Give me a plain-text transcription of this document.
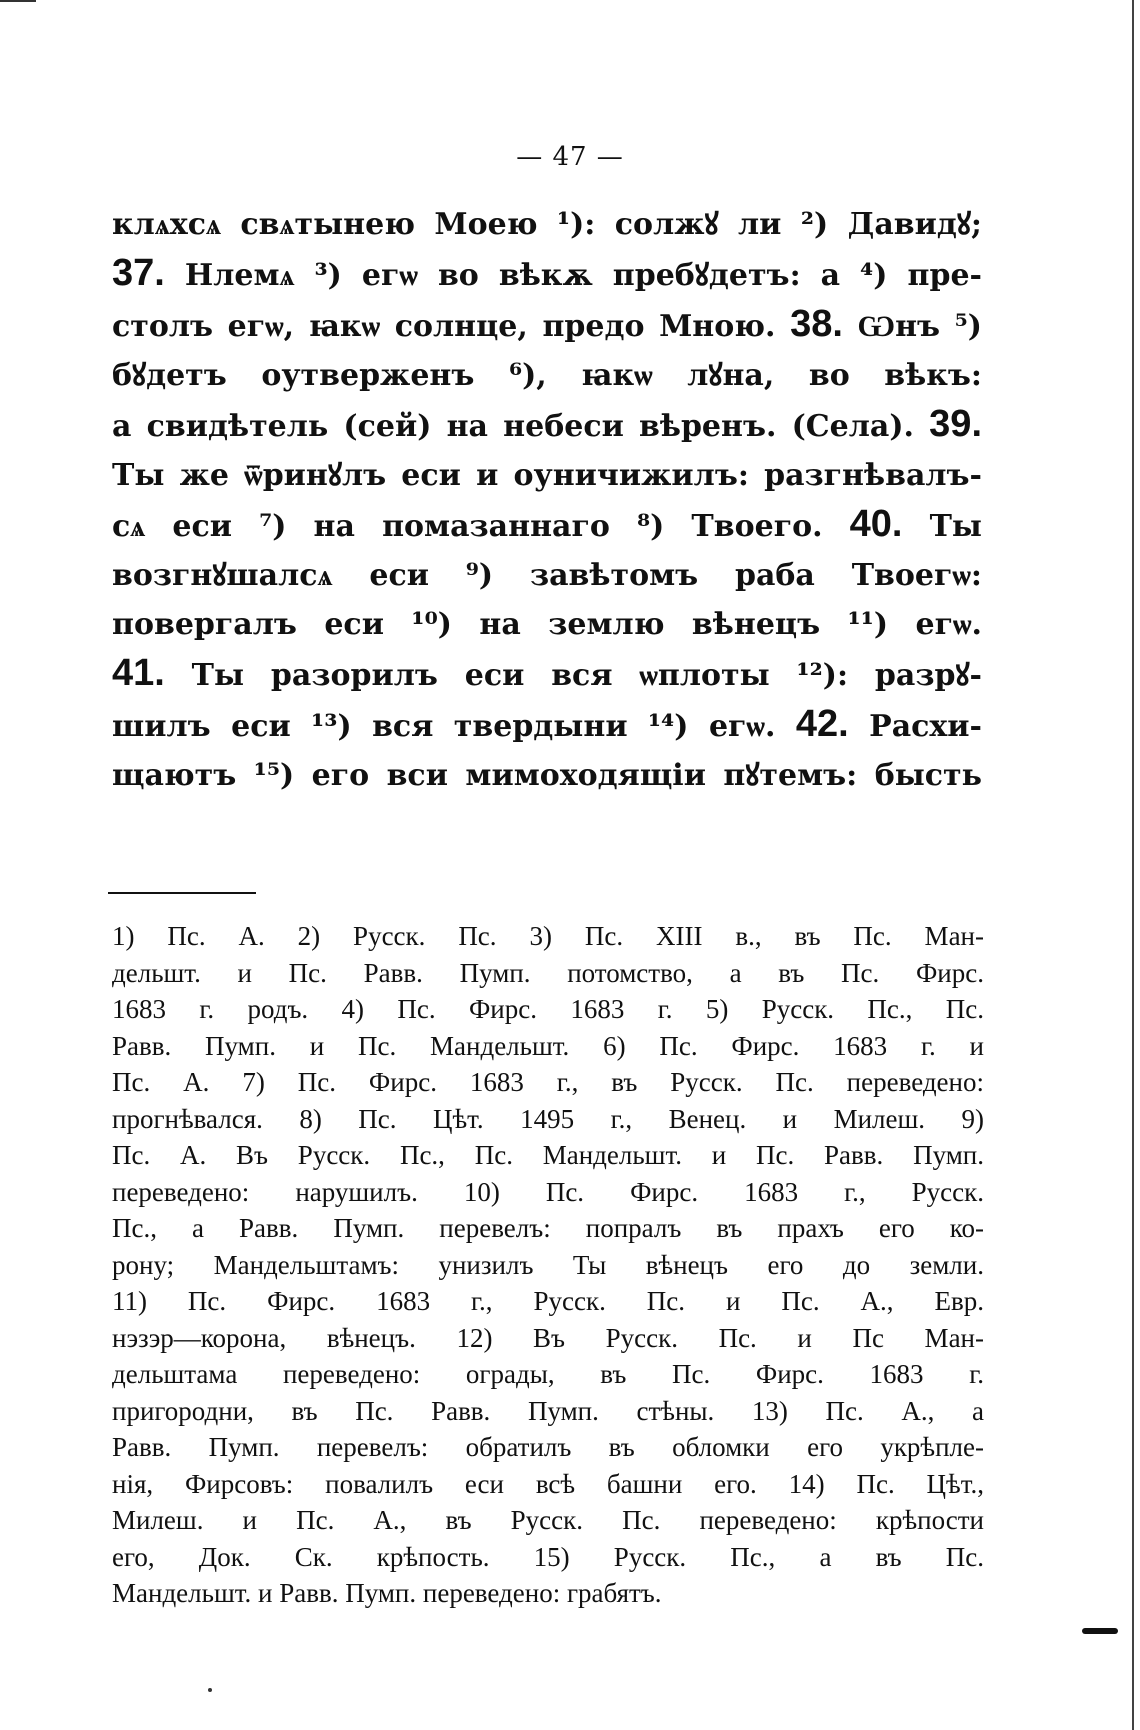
— 47 —
клѧхсѧ свѧтынею Моею ¹): солжꙋ ли ²) Давидꙋ;
37. Нлемѧ ³) егѡ во вѣкѫ пребꙋдетъ: а ⁴) пре-
столъ егѡ, ꙗкѡ солнце, предо Мною. 38. Ѡнъ ⁵)
бꙋдетъ оутверженъ ⁶), ꙗкѡ лꙋна, во вѣкъ:
а свидѣтель (сей) на небеси вѣренъ. (Села). 39.
Ты же ѿринꙋлъ еси и оуничижилъ: разгнѣвалъ-
сѧ еси ⁷) на помазаннаго ⁸) Твоего. 40. Ты
возгнꙋшалсѧ еси ⁹) завѣтомъ раба Твоегѡ:
повергалъ еси ¹⁰) на землю вѣнецъ ¹¹) егѡ.
41. Ты разорилъ еси вся ѡплоты ¹²): разрꙋ-
шилъ еси ¹³) вся твердыни ¹⁴) егѡ. 42. Расхи-
щаютъ ¹⁵) его вси мимоходящіи пꙋтемъ: бысть
1) Пс. А. 2) Русск. Пс. 3) Пс. XIII в., въ Пс. Ман-
дельшт. и Пс. Равв. Пумп. потомство, а въ Пс. Фирс.
1683 г. родъ. 4) Пс. Фирс. 1683 г. 5) Русск. Пс., Пс.
Равв. Пумп. и Пс. Мандельшт. 6) Пс. Фирс. 1683 г. и
Пс. А. 7) Пс. Фирс. 1683 г., въ Русск. Пс. переведено:
прогнѣвался. 8) Пс. Цѣт. 1495 г., Венец. и Милеш. 9)
Пс. А. Въ Русск. Пс., Пс. Мандельшт. и Пс. Равв. Пумп.
переведено: нарушилъ. 10) Пс. Фирс. 1683 г., Русск.
Пс., а Равв. Пумп. перевелъ: попралъ въ прахъ его ко-
рону; Мандельштамъ: унизилъ Ты вѣнецъ его до земли.
11) Пс. Фирс. 1683 г., Русск. Пс. и Пс. А., Евр.
нэзэр—корона, вѣнецъ. 12) Въ Русск. Пс. и Пс Ман-
дельштама переведено: ограды, въ Пс. Фирс. 1683 г.
пригородни, въ Пс. Равв. Пумп. стѣны. 13) Пс. А., а
Равв. Пумп. перевелъ: обратилъ въ обломки его укрѣпле-
нія, Фирсовъ: повалилъ еси всѣ башни его. 14) Пс. Цѣт.,
Милеш. и Пс. А., въ Русск. Пс. переведено: крѣпости
его, Док. Ск. крѣпость. 15) Русск. Пс., а въ Пс.
Мандельшт. и Равв. Пумп. переведено: грабятъ.
